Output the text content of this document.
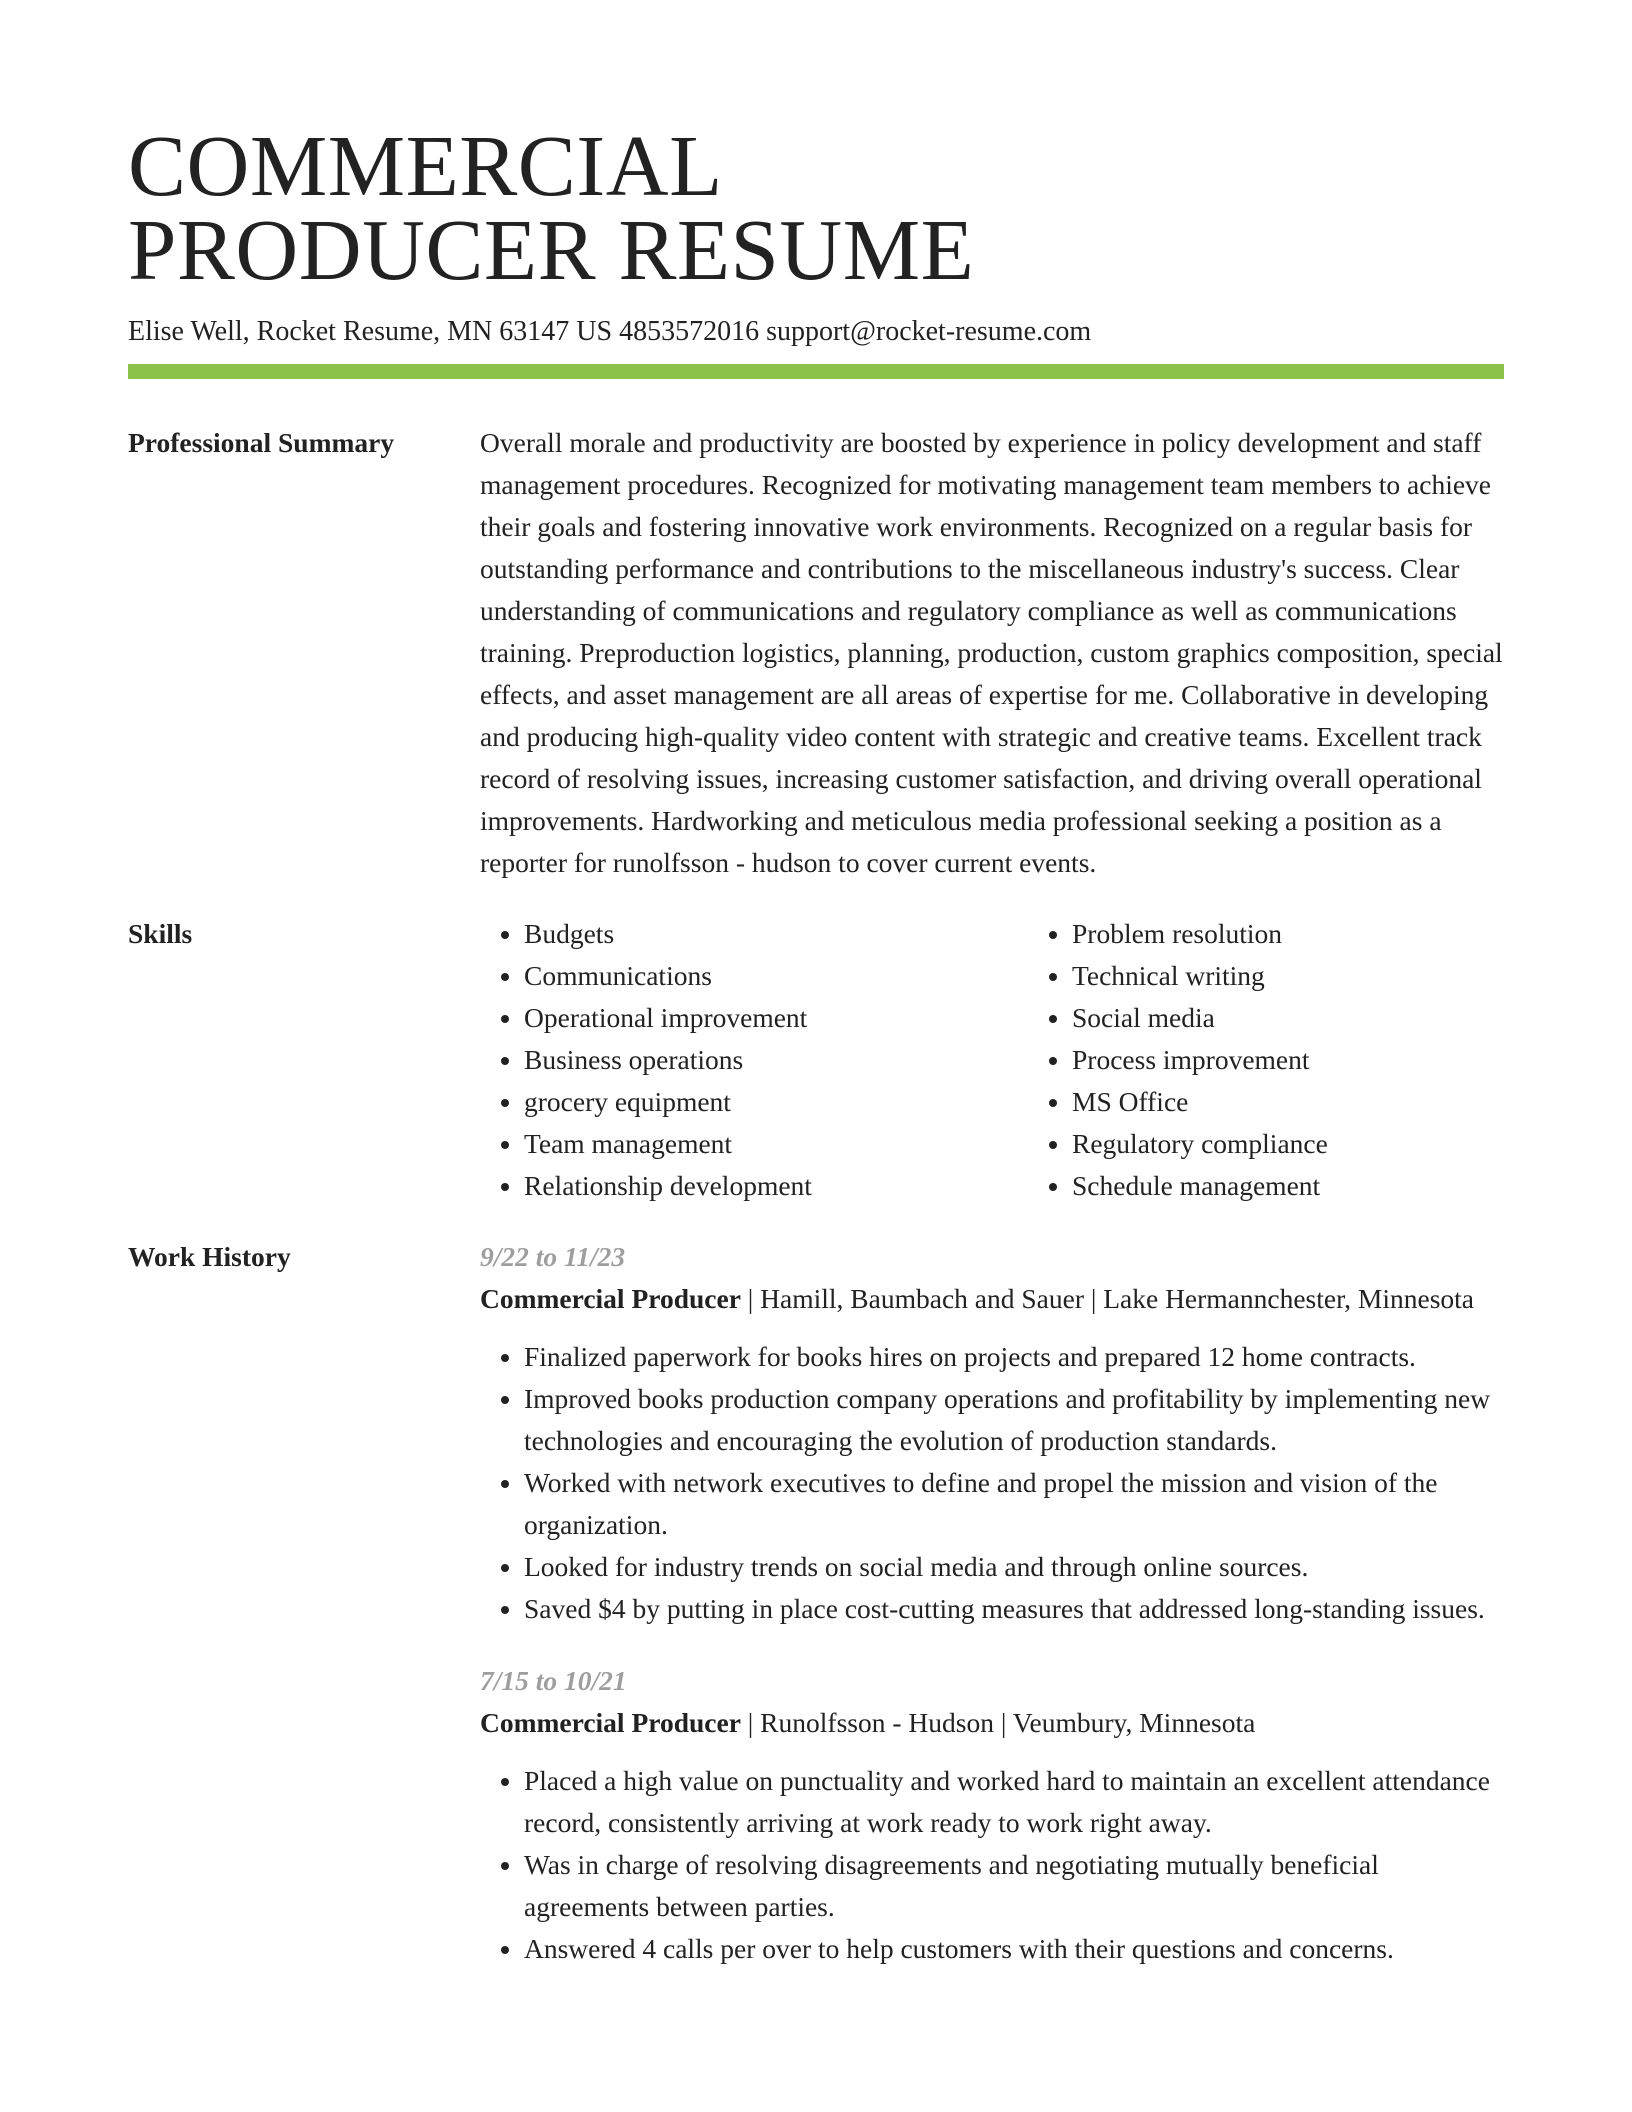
COMMERCIAL
PRODUCER RESUME
Elise Well, Rocket Resume, MN 63147 US 4853572016 support@rocket-resume.com
Professional Summary	Overall morale and productivity are boosted by experience in policy development and staff management procedures. Recognized for motivating management team members to achieve their goals and fostering innovative work environments. Recognized on a regular basis for outstanding performance and contributions to the miscellaneous industry's success. Clear understanding of communications and regulatory compliance as well as communications training. Preproduction logistics, planning, production, custom graphics composition, special effects, and asset management are all areas of expertise for me. Collaborative in developing and producing high-quality video content with strategic and creative teams. Excellent track record of resolving issues, increasing customer satisfaction, and driving overall operational improvements. Hardworking and meticulous media professional seeking a position as a reporter for runolfsson - hudson to cover current events.
Skills
•	Budgets
• Communications
• Operational improvement
• Business operations
• grocery equipment
• Team management
• Relationship development
• Problem resolution
• Technical writing
• Social media
• Process improvement
• MS Office
• Regulatory compliance
• Schedule management
Work History	9/22 to 11/23
Commercial Producer | Hamill, Baumbach and Sauer | Lake Hermannchester, Minnesota
• Finalized paperwork for books hires on projects and prepared 12 home contracts.
• Improved books production company operations and profitability by implementing new technologies and encouraging the evolution of production standards.
• Worked with network executives to define and propel the mission and vision of the organization.
• Looked for industry trends on social media and through online sources.
• Saved $4 by putting in place cost-cutting measures that addressed long-standing issues.
7/15 to 10/21
Commercial Producer | Runolfsson - Hudson | Veumbury, Minnesota
• Placed a high value on punctuality and worked hard to maintain an excellent attendance record, consistently arriving at work ready to work right away.
• Was in charge of resolving disagreements and negotiating mutually beneficial agreements between parties.
• Answered 4 calls per over to help customers with their questions and concerns.
